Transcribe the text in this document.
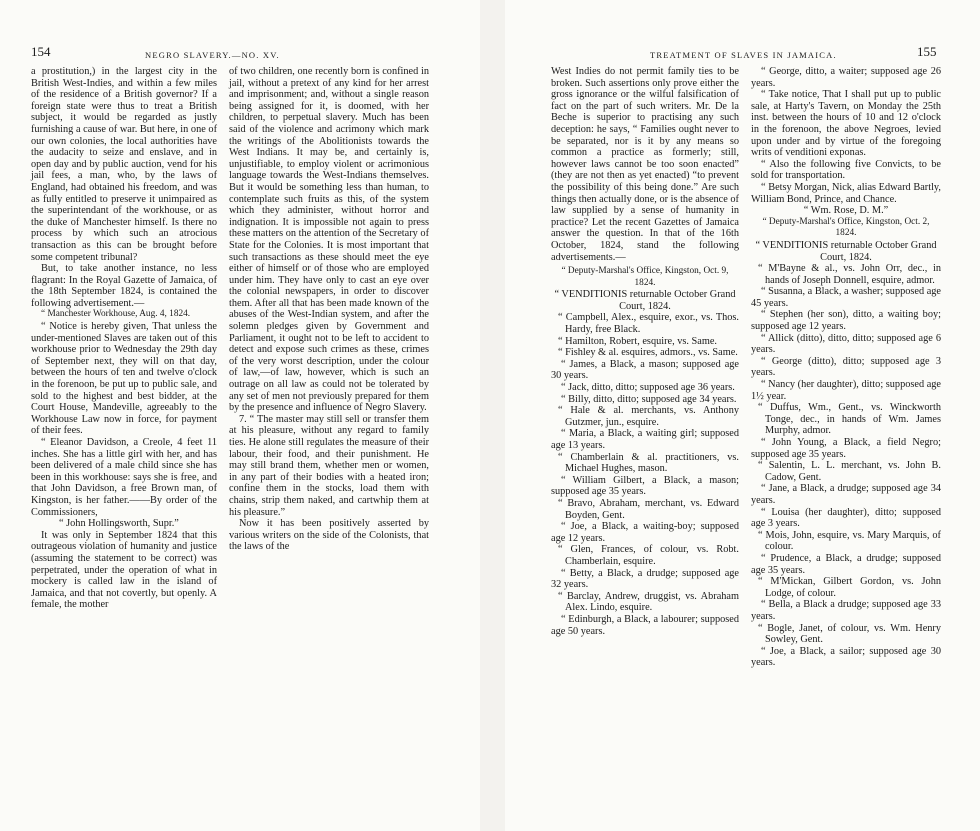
154	NEGRO SLAVERY.—NO. XV.

a prostitution,) in the largest city in the British West-Indies, and within a few miles of the residence of a British governor? If a foreign state were thus to treat a British subject, it would be regarded as justly furnishing a cause of war. But here, in one of our own colonies, the local authorities have the audacity to seize and enslave, and in open day and by public auction, vend for his jail fees, a man, who, by the laws of England, had obtained his freedom, and was as fully entitled to preserve it unimpaired as the superintendant of the workhouse, or as the duke of Manchester himself. Is there no process by which such an atrocious transaction as this can be brought before some competent tribunal?

But, to take another instance, no less flagrant: In the Royal Gazette of Jamaica, of the 18th September 1824, is contained the following advertisement.—

“ Manchester Workhouse, Aug. 4, 1824.

“ Notice is hereby given, That unless the under-mentioned Slaves are taken out of this workhouse prior to Wednesday the 29th day of September next, they will on that day, between the hours of ten and twelve o'clock in the forenoon, be put up to public sale, and sold to the highest and best bidder, at the Court House, Mandeville, agreeably to the Workhouse Law now in force, for payment of their fees.

“ Eleanor Davidson, a Creole, 4 feet 11 inches. She has a little girl with her, and has been delivered of a male child since she has been in this workhouse: says she is free, and that John Davidson, a free Brown man, of Kingston, is her father.——By order of the Commissioners,

“ John Hollingsworth, Supr.”

It was only in September 1824 that this outrageous violation of humanity and justice (assuming the statement to be correct) was perpetrated, under the operation of what in mockery is called law in the island of Jamaica, and that not covertly, but openly. A female, the mother

of two children, one recently born is confined in jail, without a pretext of any kind for her arrest and imprisonment; and, without a single reason being assigned for it, is doomed, with her children, to perpetual slavery. Much has been said of the violence and acrimony which mark the writings of the Abolitionists towards the West Indians. It may be, and certainly is, unjustifiable, to employ violent or acrimonious language towards the West-Indians themselves. But it would be something less than human, to contemplate such fruits as this, of the system which they administer, without horror and indignation. It is impossible not again to press these matters on the attention of the Secretary of State for the Colonies. It is most important that such transactions as these should meet the eye either of himself or of those who are employed under him. They have only to cast an eye over the colonial newspapers, in order to discover them. After all that has been made known of the abuses of the West-Indian system, and after the solemn pledges given by Government and Parliament, it ought not to be left to accident to detect and expose such crimes as these, crimes of the very worst description, under the colour of law,—of law, however, which is such an outrage on all law as could not be tolerated by any set of men not previously prepared for them by the presence and influence of Negro Slavery.

7. “ The master may still sell or transfer them at his pleasure, without any regard to family ties. He alone still regulates the measure of their labour, their food, and their punishment. He may still brand them, whether men or women, in any part of their bodies with a heated iron; confine them in the stocks, load them with chains, strip them naked, and cartwhip them at his pleasure.”

Now it has been positively asserted by various writers on the side of the Colonists, that the laws of the

TREATMENT OF SLAVES IN JAMAICA.	155

West Indies do not permit family ties to be broken. Such assertions only prove either the gross ignorance or the wilful falsification of fact on the part of such writers. Mr. De la Beche is superior to practising any such deception: he says, “ Families ought never to be separated, nor is it by any means so common a practice as formerly; still, however laws cannot be too soon enacted” (they are not then as yet enacted) “to prevent the possibility of this being done.” Are such things then actually done, or is the absence of law supplied by a sense of humanity in practice? Let the recent Gazettes of Jamaica answer the question. In that of the 16th October, 1824, stand the following advertisements.—

“ Deputy-Marshal's Office, Kingston, Oct. 9, 1824.

“ VENDITIONIS returnable October Grand Court, 1824.

“ Campbell, Alex., esquire, exor., vs. Thos. Hardy, free Black.

“ Hamilton, Robert, esquire, vs. Same.

“ Fishley & al. esquires, admors., vs. Same.

“ James, a Black, a mason; supposed age 30 years.

“ Jack, ditto, ditto; supposed age 36 years.

“ Billy, ditto, ditto; supposed age 34 years.

“ Hale & al. merchants, vs. Anthony Gutzmer, jun., esquire.

“ Maria, a Black, a waiting girl; supposed age 13 years.

“ Chamberlain & al. practitioners, vs. Michael Hughes, mason.

“ William Gilbert, a Black, a mason; supposed age 35 years.

“ Bravo, Abraham, merchant, vs. Edward Boyden, Gent.

“ Joe, a Black, a waiting-boy; supposed age 12 years.

“ Glen, Frances, of colour, vs. Robt. Chamberlain, esquire.

“ Betty, a Black, a drudge; supposed age 32 years.

“ Barclay, Andrew, druggist, vs. Abraham Alex. Lindo, esquire.

“ Edinburgh, a Black, a labourer; supposed age 50 years.

“ George, ditto, a waiter; supposed age 26 years.

“ Take notice, That I shall put up to public sale, at Harty's Tavern, on Monday the 25th inst. between the hours of 10 and 12 o'clock in the forenoon, the above Negroes, levied upon under and by virtue of the foregoing writs of venditioni exponas.

“ Also the following five Convicts, to be sold for transportation.

“ Betsy Morgan, Nick, alias Edward Bartly, William Bond, Prince, and Chance.

“ Wm. Rose, D. M.”

“ Deputy-Marshal's Office, Kingston, Oct. 2, 1824.

“ VENDITIONIS returnable October Grand Court, 1824.

“ M'Bayne & al., vs. John Orr, dec., in hands of Joseph Donnell, esquire, admor.

“ Susanna, a Black, a washer; supposed age 45 years.

“ Stephen (her son), ditto, a waiting boy; supposed age 12 years.

“ Allick (ditto), ditto, ditto; supposed age 6 years.

“ George (ditto), ditto; supposed age 3 years.

“ Nancy (her daughter), ditto; supposed age 1½ year.

“ Duffus, Wm., Gent., vs. Winckworth Tonge, dec., in hands of Wm. James Murphy, admor.

“ John Young, a Black, a field Negro; supposed age 35 years.

“ Salentin, L. L. merchant, vs. John B. Cadow, Gent.

“ Jane, a Black, a drudge; supposed age 34 years.

“ Louisa (her daughter), ditto; supposed age 3 years.

“ Mois, John, esquire, vs. Mary Marquis, of colour.

“ Prudence, a Black, a drudge; supposed age 35 years.

“ M'Mickan, Gilbert Gordon, vs. John Lodge, of colour.

“ Bella, a Black a drudge; supposed age 33 years.

“ Bogle, Janet, of colour, vs. Wm. Henry Sowley, Gent.

“ Joe, a Black, a sailor; supposed age 30 years.
